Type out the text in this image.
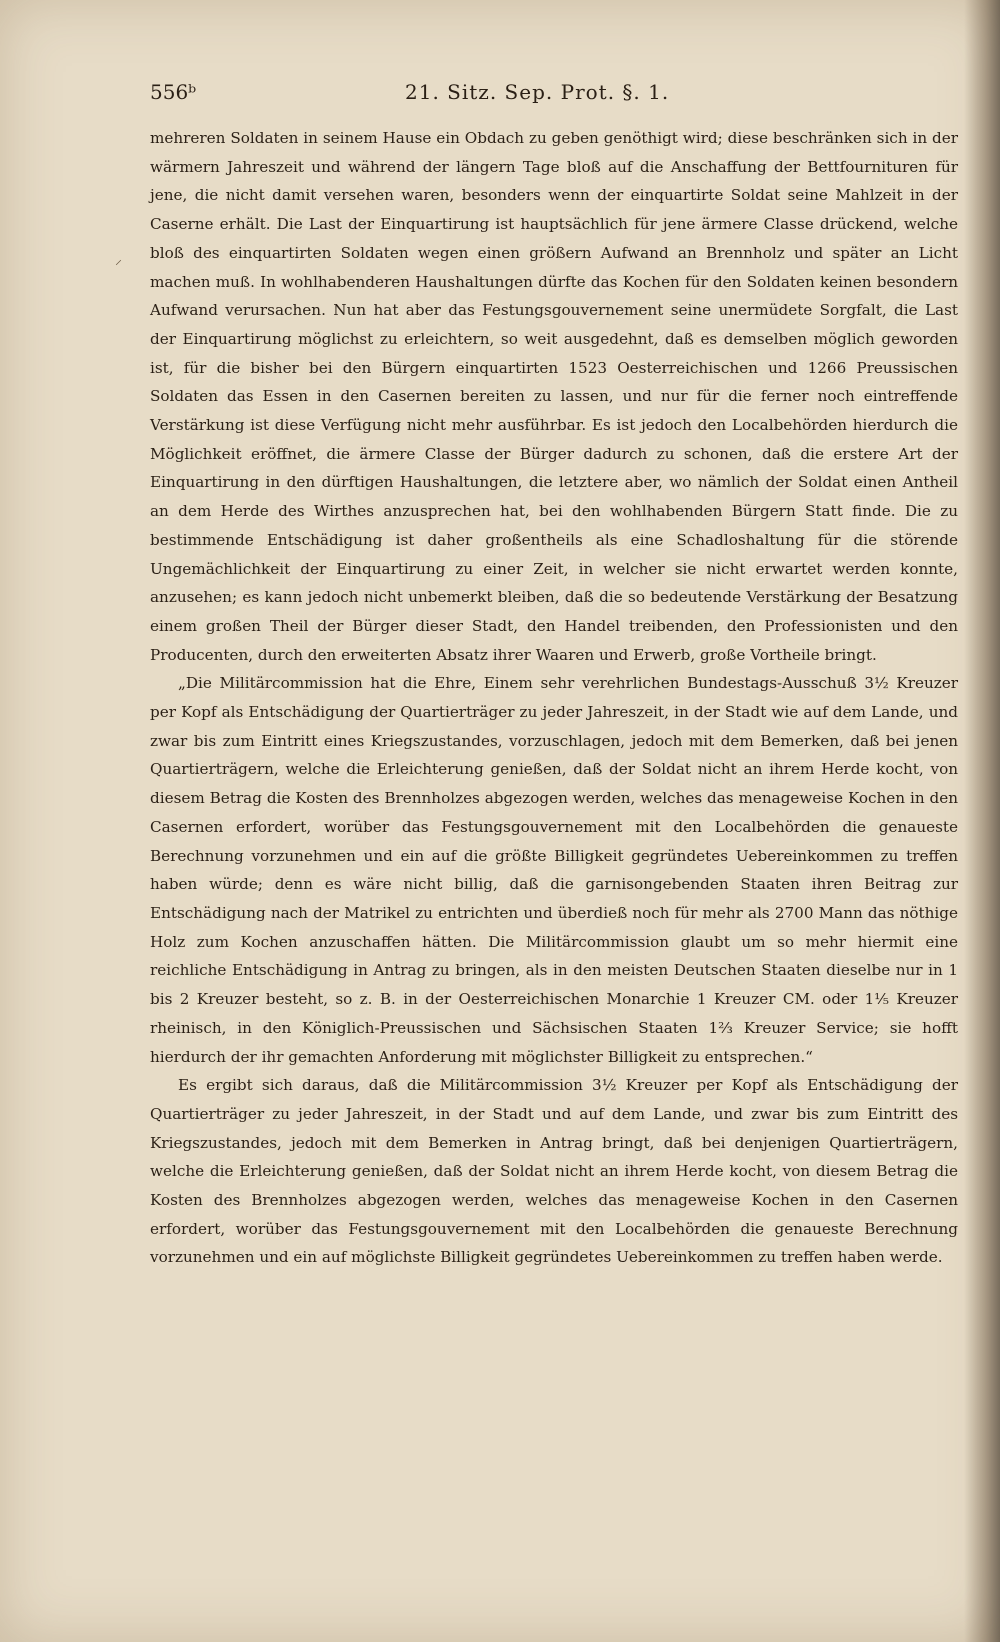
556ᵇ	21. Sitz. Sep. Prot. §. 1.
⸝

mehreren Soldaten in seinem Hause ein Obdach zu geben genöthigt wird; diese beschränken sich in der wärmern Jahreszeit und während der längern Tage bloß auf die Anschaffung der Bettfournituren für jene, die nicht damit versehen waren, besonders wenn der einquartirte Soldat seine Mahlzeit in der Caserne erhält. Die Last der Einquartirung ist hauptsächlich für jene ärmere Classe drückend, welche bloß des einquartirten Soldaten wegen einen größern Aufwand an Brennholz und später an Licht machen muß. In wohlhabenderen Haushaltungen dürfte das Kochen für den Soldaten keinen besondern Aufwand verursachen. Nun hat aber das Festungsgouvernement seine unermüdete Sorgfalt, die Last der Einquartirung möglichst zu erleichtern, so weit ausgedehnt, daß es demselben möglich geworden ist, für die bisher bei den Bürgern einquartirten 1523 Oesterreichischen und 1266 Preussischen Soldaten das Essen in den Casernen bereiten zu lassen, und nur für die ferner noch eintreffende Verstärkung ist diese Verfügung nicht mehr ausführbar. Es ist jedoch den Localbehörden hierdurch die Möglichkeit eröffnet, die ärmere Classe der Bürger dadurch zu schonen, daß die erstere Art der Einquartirung in den dürftigen Haushaltungen, die letztere aber, wo nämlich der Soldat einen Antheil an dem Herde des Wirthes anzusprechen hat, bei den wohlhabenden Bürgern Statt finde. Die zu bestimmende Entschädigung ist daher großentheils als eine Schadloshaltung für die störende Ungemächlichkeit der Einquartirung zu einer Zeit, in welcher sie nicht erwartet werden konnte, anzusehen; es kann jedoch nicht unbemerkt bleiben, daß die so bedeutende Verstärkung der Besatzung einem großen Theil der Bürger dieser Stadt, den Handel treibenden, den Professionisten und den Producenten, durch den erweiterten Absatz ihrer Waaren und Erwerb, große Vortheile bringt.

„Die Militärcommission hat die Ehre, Einem sehr verehrlichen Bundestags-Ausschuß 3½ Kreuzer per Kopf als Entschädigung der Quartierträger zu jeder Jahreszeit, in der Stadt wie auf dem Lande, und zwar bis zum Eintritt eines Kriegszustandes, vorzuschlagen, jedoch mit dem Bemerken, daß bei jenen Quartierträgern, welche die Erleichterung genießen, daß der Soldat nicht an ihrem Herde kocht, von diesem Betrag die Kosten des Brennholzes abgezogen werden, welches das menageweise Kochen in den Casernen erfordert, worüber das Festungsgouvernement mit den Localbehörden die genaueste Berechnung vorzunehmen und ein auf die größte Billigkeit gegründetes Uebereinkommen zu treffen haben würde; denn es wäre nicht billig, daß die garnisongebenden Staaten ihren Beitrag zur Entschädigung nach der Matrikel zu entrichten und überdieß noch für mehr als 2700 Mann das nöthige Holz zum Kochen anzuschaffen hätten. Die Militärcommission glaubt um so mehr hiermit eine reichliche Entschädigung in Antrag zu bringen, als in den meisten Deutschen Staaten dieselbe nur in 1 bis 2 Kreuzer besteht, so z. B. in der Oesterreichischen Monarchie 1 Kreuzer CM. oder 1⅕ Kreuzer rheinisch, in den Königlich-Preussischen und Sächsischen Staaten 1⅔ Kreuzer Service; sie hofft hierdurch der ihr gemachten Anforderung mit möglichster Billigkeit zu entsprechen.“

Es ergibt sich daraus, daß die Militärcommission 3½ Kreuzer per Kopf als Entschädigung der Quartierträger zu jeder Jahreszeit, in der Stadt und auf dem Lande, und zwar bis zum Eintritt des Kriegszustandes, jedoch mit dem Bemerken in Antrag bringt, daß bei denjenigen Quartierträgern, welche die Erleichterung genießen, daß der Soldat nicht an ihrem Herde kocht, von diesem Betrag die Kosten des Brennholzes abgezogen werden, welches das menageweise Kochen in den Casernen erfordert, worüber das Festungsgouvernement mit den Localbehörden die genaueste Berechnung vorzunehmen und ein auf möglichste Billigkeit gegründetes Uebereinkommen zu treffen haben werde.
